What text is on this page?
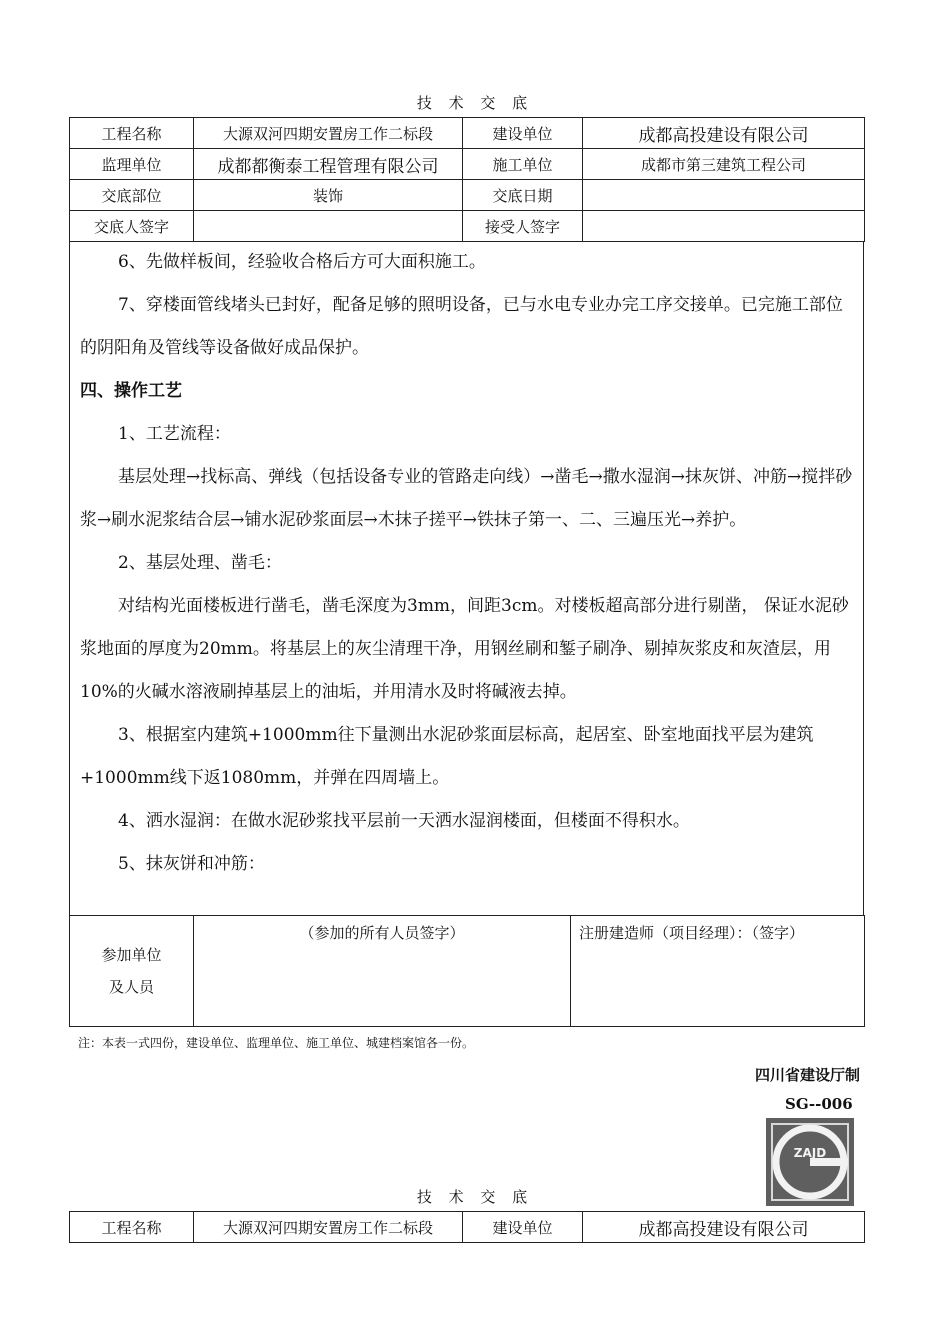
技 术 交 底
工程名称	大源双河四期安置房工作二标段	建设单位	成都高投建设有限公司
监理单位	成都都衡泰工程管理有限公司	施工单位	成都市第三建筑工程公司
交底部位	装饰	交底日期	
交底人签字		接受人签字	

6、先做样板间，经验收合格后方可大面积施工。

7、穿楼面管线堵头已封好，配备足够的照明设备，已与水电专业办完工序交接单。已完施工部位的阴阳角及管线等设备做好成品保护。

四、操作工艺

1、工艺流程：

基层处理→找标高、弹线（包括设备专业的管路走向线）→凿毛→撒水湿润→抹灰饼、冲筋→搅拌砂浆→刷水泥浆结合层→铺水泥砂浆面层→木抹子搓平→铁抹子第一、二、三遍压光→养护。

2、基层处理、凿毛：

对结构光面楼板进行凿毛，凿毛深度为3mm，间距3cm。对楼板超高部分进行剔凿， 保证水泥砂浆地面的厚度为20mm。将基层上的灰尘清理干净，用钢丝刷和錾子刷净、剔掉灰浆皮和灰渣层，用10%的火碱水溶液刷掉基层上的油垢，并用清水及时将碱液去掉。

3、根据室内建筑+1000mm往下量测出水泥砂浆面层标高，起居室、卧室地面找平层为建筑+1000mm线下返1080mm，并弹在四周墙上。

4、洒水湿润：在做水泥砂浆找平层前一天洒水湿润楼面，但楼面不得积水。

5、抹灰饼和冲筋：

参加单位
及人员
	（参加的所有人员签字）	注册建造师（项目经理）：（签字）
注：本表一式四份，建设单位、监理单位、施工单位、城建档案馆各一份。
四川省建设厅制
SG--006
ZAJD
技 术 交 底
工程名称	大源双河四期安置房工作二标段	建设单位	成都高投建设有限公司
